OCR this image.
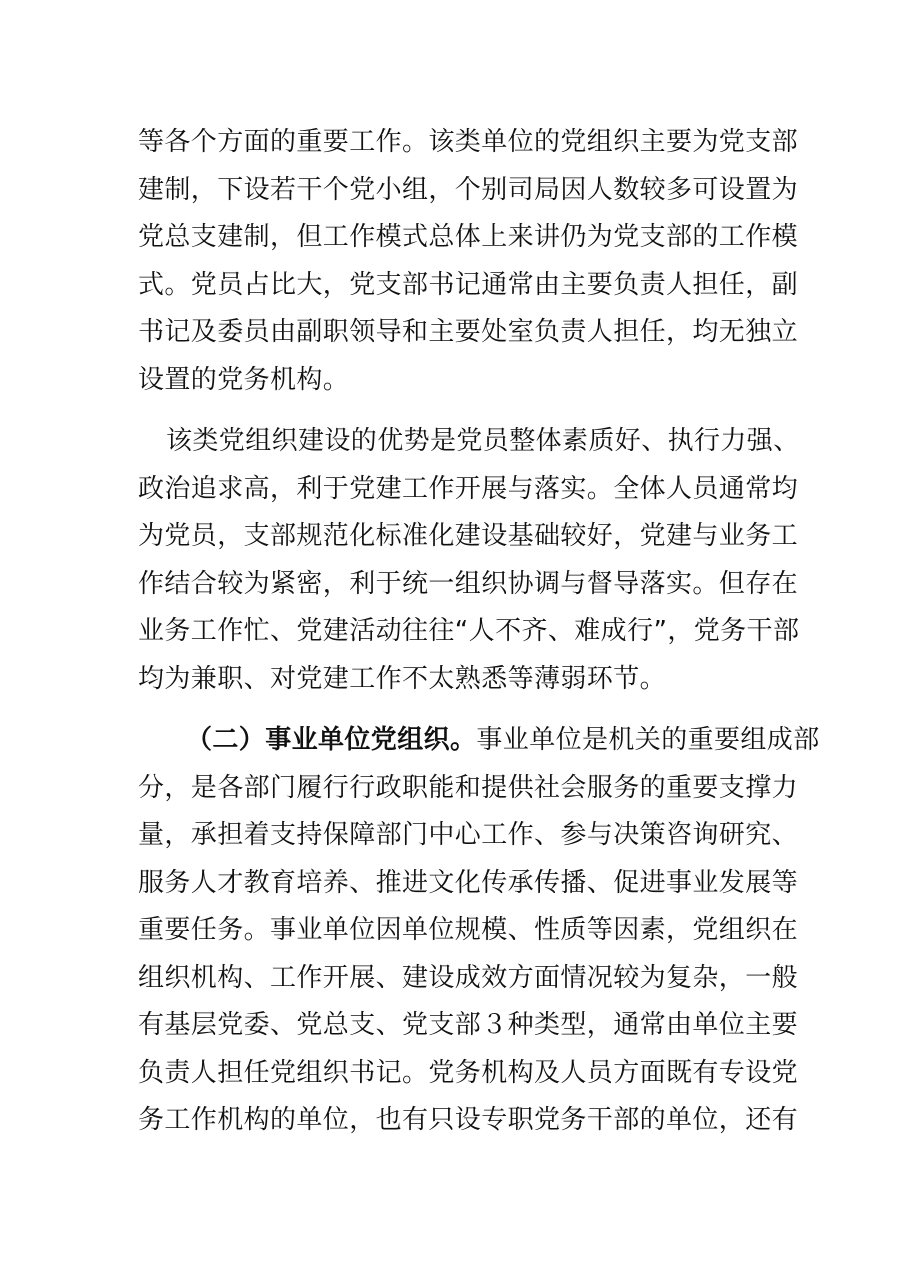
等各个方面的重要工作。该类单位的党组织主要为党支部
建制，下设若干个党小组，个别司局因人数较多可设置为
党总支建制，但工作模式总体上来讲仍为党支部的工作模
式。党员占比大，党支部书记通常由主要负责人担任，副
书记及委员由副职领导和主要处室负责人担任，均无独立
设置的党务机构。
该类党组织建设的优势是党员整体素质好、执行力强、
政治追求高，利于党建工作开展与落实。全体人员通常均
为党员，支部规范化标准化建设基础较好，党建与业务工
作结合较为紧密，利于统一组织协调与督导落实。但存在
业务工作忙、党建活动往往“人不齐、难成行”，党务干部
均为兼职、对党建工作不太熟悉等薄弱环节。
（二）事业单位党组织。事业单位是机关的重要组成部
分，是各部门履行行政职能和提供社会服务的重要支撑力
量，承担着支持保障部门中心工作、参与决策咨询研究、
服务人才教育培养、推进文化传承传播、促进事业发展等
重要任务。事业单位因单位规模、性质等因素，党组织在
组织机构、工作开展、建设成效方面情况较为复杂，一般
有基层党委、党总支、党支部３种类型，通常由单位主要
负责人担任党组织书记。党务机构及人员方面既有专设党
务工作机构的单位，也有只设专职党务干部的单位，还有
